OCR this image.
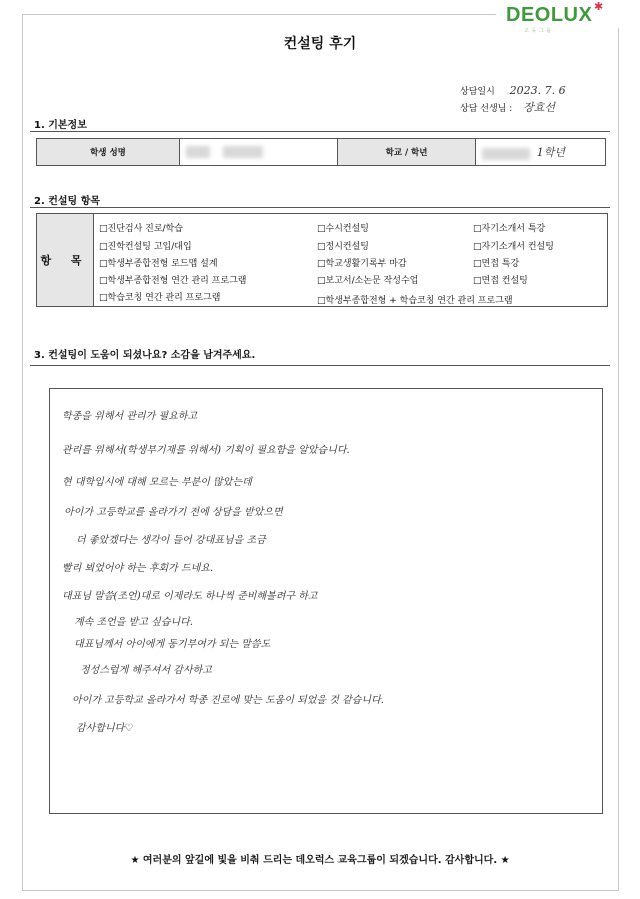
DEOLUX ✱
교 육 그 룹
컨설팅 후기
상담일시 2023. 7. 6
상담 선생님 : 장효선
1. 기본정보
학생 성명		학교 / 학년	1학년
2. 컨설팅 항목
항 목
□진단검사 진로/학습
□진학컨설팅 고입/대입
□학생부종합전형 로드맵 설계
□학생부종합전형 연간 관리 프로그램
□학습코칭 연간 관리 프로그램
□수시컨설팅
□정시컨설팅
□학교생활기록부 마감
□보고서/소논문 작성수업
□자기소개서 특강
□자기소개서 컨설팅
□면접 특강
□면접 컨설팅
□학생부종합전형 + 학습코칭 연간 관리 프로그램
3. 컨설팅이 도움이 되셨나요? 소감을 남겨주세요.
학종을 위해서 관리가 필요하고
관리를 위해서(학생부기재를 위해서) 기획이 필요함을 알았습니다.
현 대학입시에 대해 모르는 부분이 많았는데
아이가 고등학교를 올라가기 전에 상담을 받았으면
더 좋았겠다는 생각이 들어 강대표님을 조금
빨리 뵈었어야 하는 후회가 드네요.
대표님 말씀(조언)대로 이제라도 하나씩 준비해볼려구 하고
계속 조언을 받고 싶습니다.
대표님께서 아이에게 동기부여가 되는 말씀도
정성스럽게 해주셔서 감사하고
아이가 고등학교 올라가서 학종 진로에 맞는 도움이 되었을 것 같습니다.
감사합니다♡
★ 여러분의 앞길에 빛을 비춰 드리는 데오럭스 교육그룹이 되겠습니다. 감사합니다. ★
